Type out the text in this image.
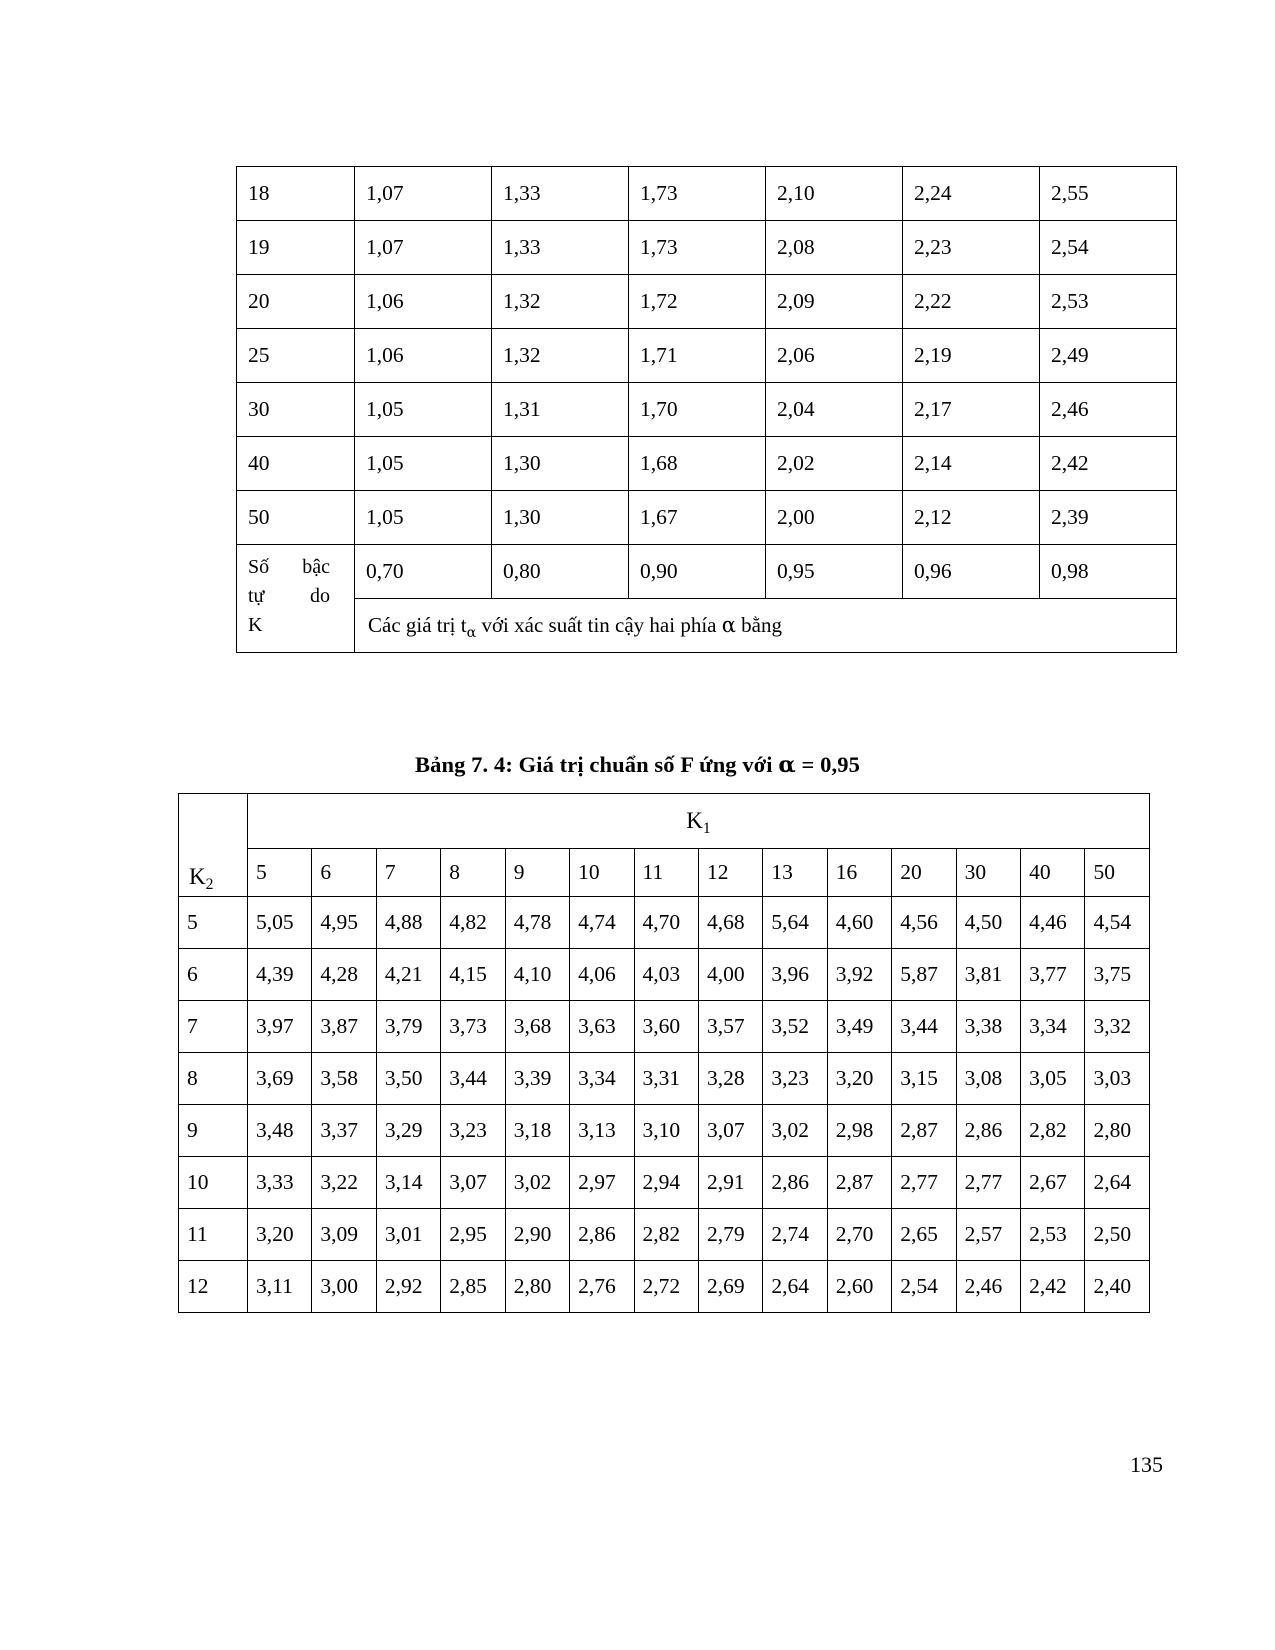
18	1,07	1,33	1,73	2,10	2,24	2,55
19	1,07	1,33	1,73	2,08	2,23	2,54
20	1,06	1,32	1,72	2,09	2,22	2,53
25	1,06	1,32	1,71	2,06	2,19	2,49
30	1,05	1,31	1,70	2,04	2,17	2,46
40	1,05	1,30	1,68	2,02	2,14	2,42
50	1,05	1,30	1,67	2,00	2,12	2,39

Số bậc
tự do
K	0,70	0,80	0,90	0,95	0,96	0,98
	Các giá trị $t_\alpha$ với xác suất tin cậy hai phía α bằng					
Bảng 7. 4: Giá trị chuẩn số F ứng với α = 0,95
$K_2$	$K_1$
	5	6	7	8	9	10	11	12	13	16	20	30	40	50
5	5,05	4,95	4,88	4,82	4,78	4,74	4,70	4,68	5,64	4,60	4,56	4,50	4,46	4,54
6	4,39	4,28	4,21	4,15	4,10	4,06	4,03	4,00	3,96	3,92	5,87	3,81	3,77	3,75
7	3,97	3,87	3,79	3,73	3,68	3,63	3,60	3,57	3,52	3,49	3,44	3,38	3,34	3,32
8	3,69	3,58	3,50	3,44	3,39	3,34	3,31	3,28	3,23	3,20	3,15	3,08	3,05	3,03
9	3,48	3,37	3,29	3,23	3,18	3,13	3,10	3,07	3,02	2,98	2,87	2,86	2,82	2,80
10	3,33	3,22	3,14	3,07	3,02	2,97	2,94	2,91	2,86	2,87	2,77	2,77	2,67	2,64
11	3,20	3,09	3,01	2,95	2,90	2,86	2,82	2,79	2,74	2,70	2,65	2,57	2,53	2,50
12	3,11	3,00	2,92	2,85	2,80	2,76	2,72	2,69	2,64	2,60	2,54	2,46	2,42	2,40
135
